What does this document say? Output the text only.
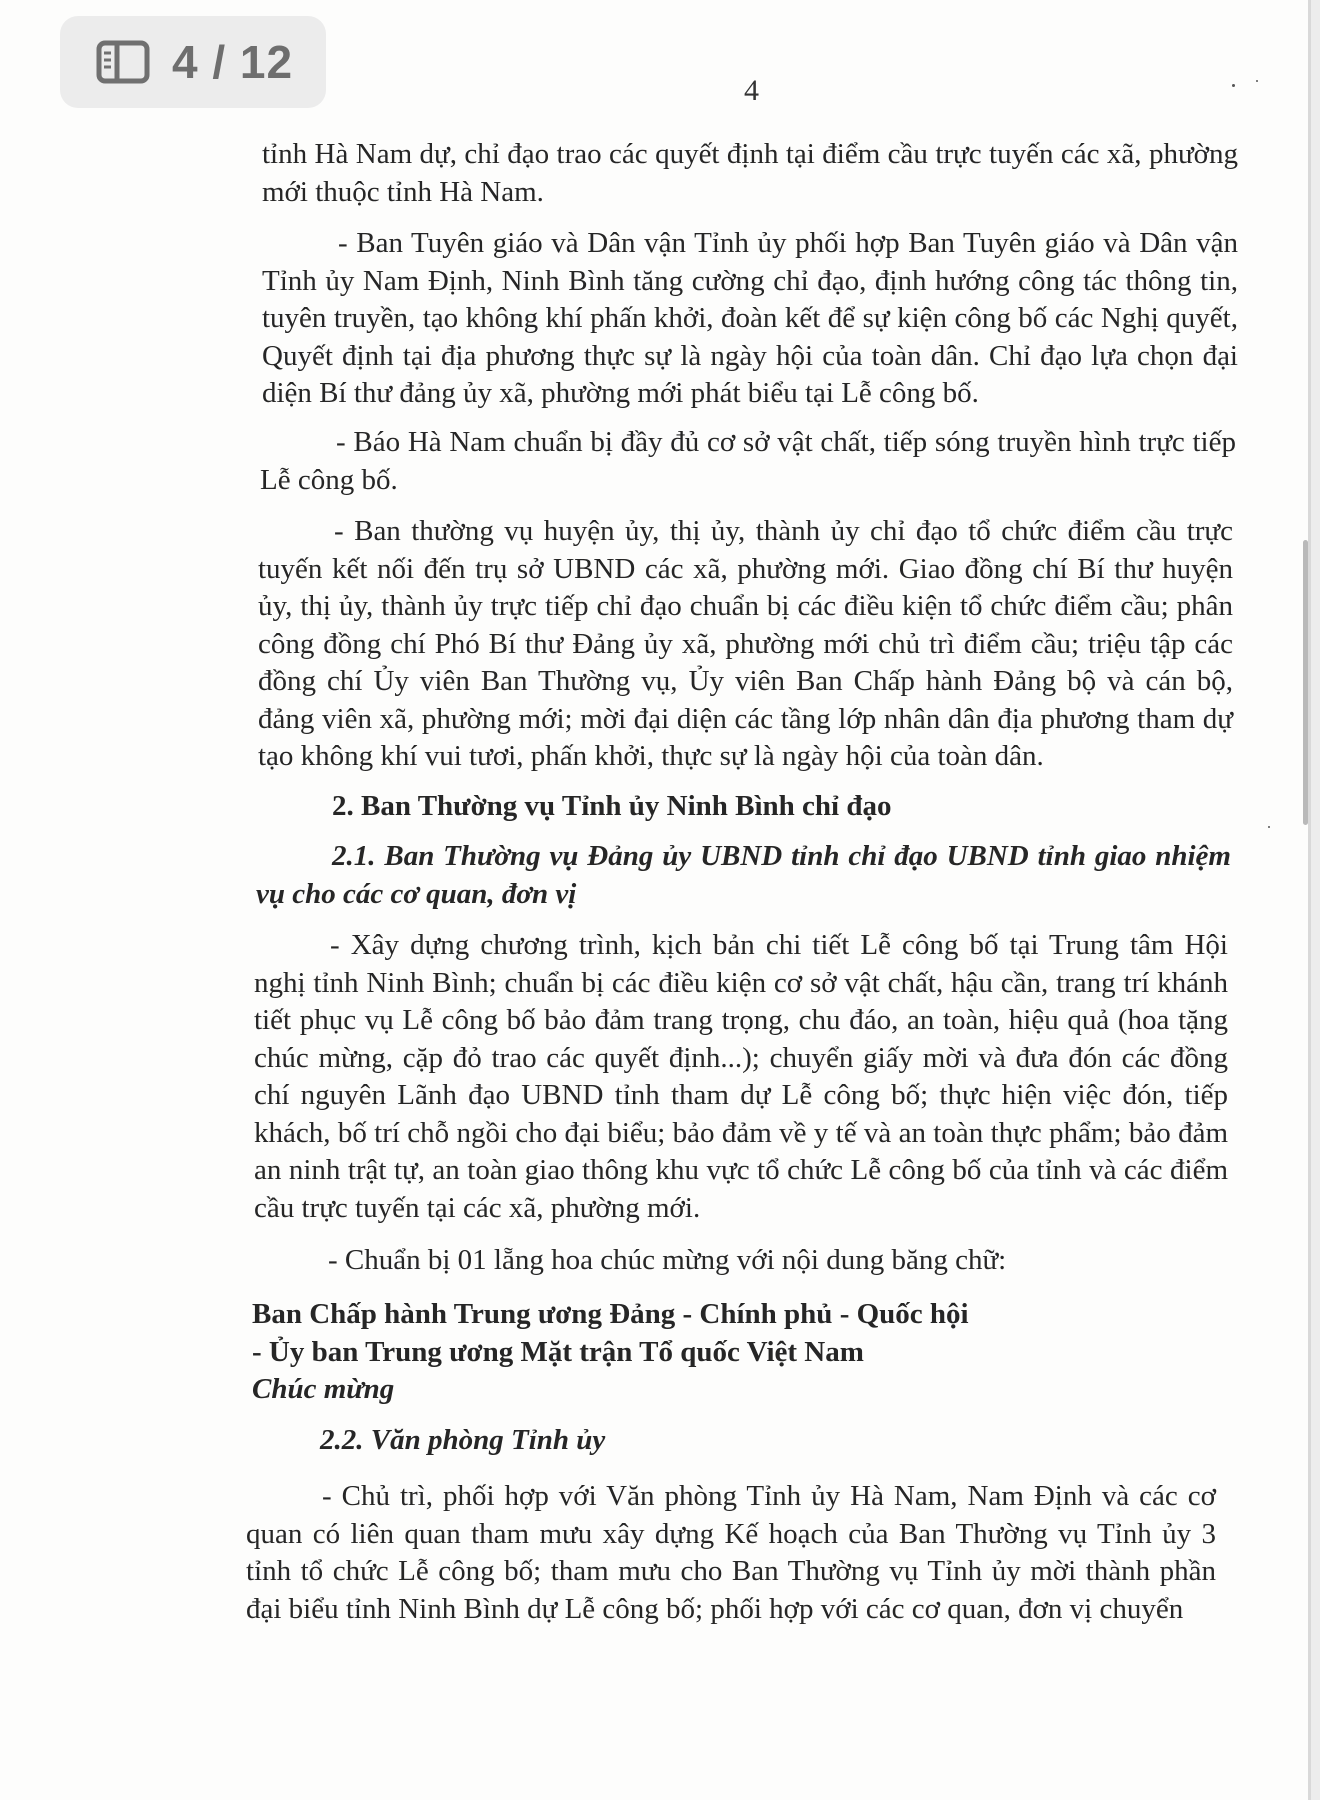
4 / 12
4

tỉnh Hà Nam dự, chỉ đạo trao các quyết định tại điểm cầu trực tuyến các xã, phường mới thuộc tỉnh Hà Nam.

- Ban Tuyên giáo và Dân vận Tỉnh ủy phối hợp Ban Tuyên giáo và Dân vận Tỉnh ủy Nam Định, Ninh Bình tăng cường chỉ đạo, định hướng công tác thông tin, tuyên truyền, tạo không khí phấn khởi, đoàn kết để sự kiện công bố các Nghị quyết, Quyết định tại địa phương thực sự là ngày hội của toàn dân. Chỉ đạo lựa chọn đại diện Bí thư đảng ủy xã, phường mới phát biểu tại Lễ công bố.

- Báo Hà Nam chuẩn bị đầy đủ cơ sở vật chất, tiếp sóng truyền hình trực tiếp Lễ công bố.

- Ban thường vụ huyện ủy, thị ủy, thành ủy chỉ đạo tổ chức điểm cầu trực tuyến kết nối đến trụ sở UBND các xã, phường mới. Giao đồng chí Bí thư huyện ủy, thị ủy, thành ủy trực tiếp chỉ đạo chuẩn bị các điều kiện tổ chức điểm cầu; phân công đồng chí Phó Bí thư Đảng ủy xã, phường mới chủ trì điểm cầu; triệu tập các đồng chí Ủy viên Ban Thường vụ, Ủy viên Ban Chấp hành Đảng bộ và cán bộ, đảng viên xã, phường mới; mời đại diện các tầng lớp nhân dân địa phương tham dự tạo không khí vui tươi, phấn khởi, thực sự là ngày hội của toàn dân.

2. Ban Thường vụ Tỉnh ủy Ninh Bình chỉ đạo

2.1. Ban Thường vụ Đảng ủy UBND tỉnh chỉ đạo UBND tỉnh giao nhiệm vụ cho các cơ quan, đơn vị

- Xây dựng chương trình, kịch bản chi tiết Lễ công bố tại Trung tâm Hội nghị tỉnh Ninh Bình; chuẩn bị các điều kiện cơ sở vật chất, hậu cần, trang trí khánh tiết phục vụ Lễ công bố bảo đảm trang trọng, chu đáo, an toàn, hiệu quả (hoa tặng chúc mừng, cặp đỏ trao các quyết định...); chuyển giấy mời và đưa đón các đồng chí nguyên Lãnh đạo UBND tỉnh tham dự Lễ công bố; thực hiện việc đón, tiếp khách, bố trí chỗ ngồi cho đại biểu; bảo đảm về y tế và an toàn thực phẩm; bảo đảm an ninh trật tự, an toàn giao thông khu vực tổ chức Lễ công bố của tỉnh và các điểm cầu trực tuyến tại các xã, phường mới.

- Chuẩn bị 01 lẵng hoa chúc mừng với nội dung băng chữ:

Ban Chấp hành Trung ương Đảng - Chính phủ - Quốc hội

- Ủy ban Trung ương Mặt trận Tổ quốc Việt Nam

Chúc mừng

2.2. Văn phòng Tỉnh ủy

- Chủ trì, phối hợp với Văn phòng Tỉnh ủy Hà Nam, Nam Định và các cơ quan có liên quan tham mưu xây dựng Kế hoạch của Ban Thường vụ Tỉnh ủy 3 tỉnh tổ chức Lễ công bố; tham mưu cho Ban Thường vụ Tỉnh ủy mời thành phần đại biểu tỉnh Ninh Bình dự Lễ công bố; phối hợp với các cơ quan, đơn vị chuyển
